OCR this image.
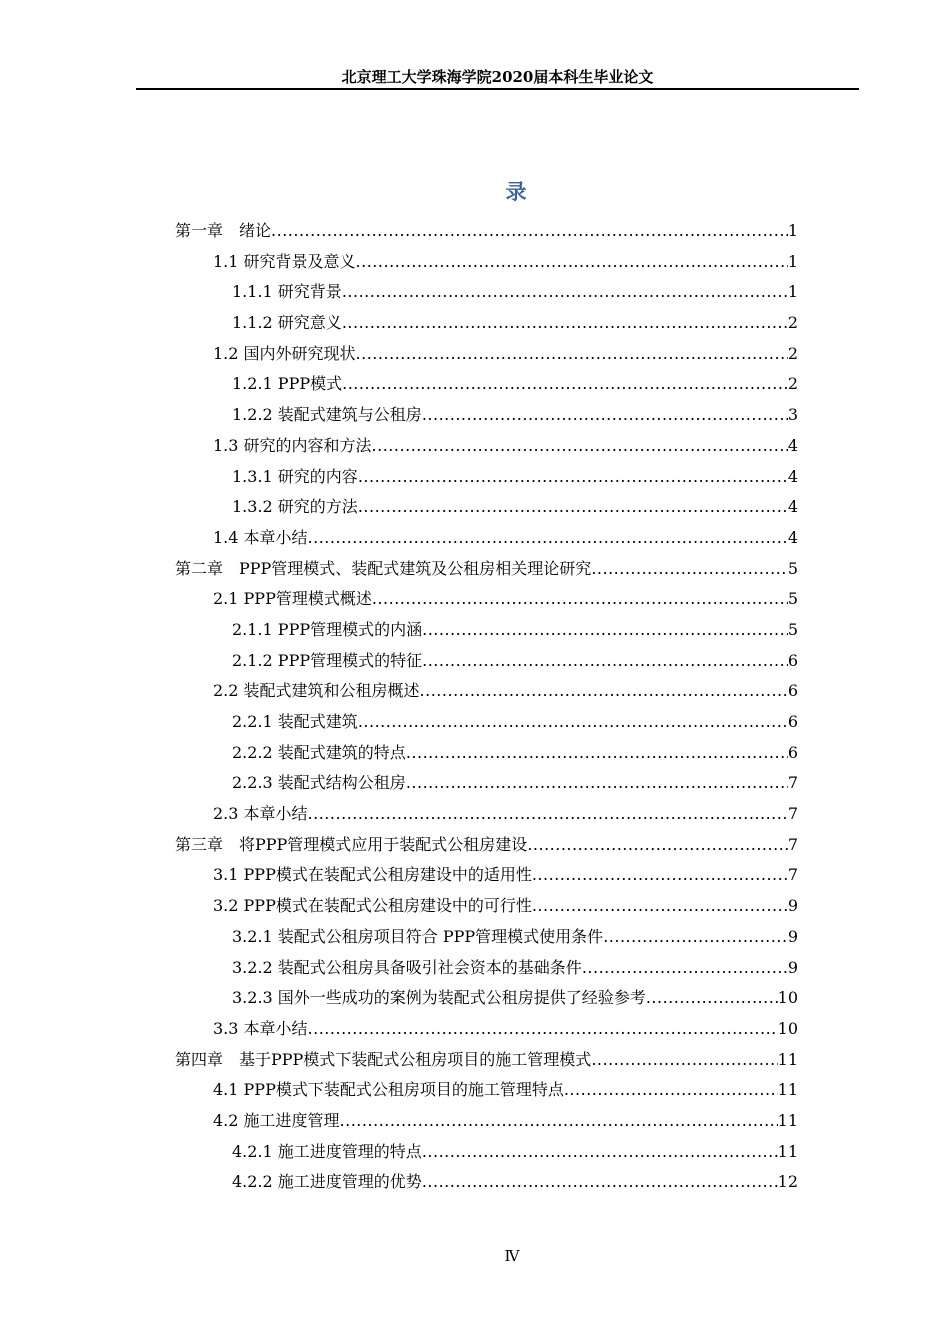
北京理工大学珠海学院2020届本科生毕业论文
录
第一章　绪论 .....	1
1.1 研究背景及意义 .....	1
1.1.1 研究背景 .....	1
1.1.2 研究意义 .....	2
1.2 国内外研究现状 .....	2
1.2.1 PPP模式 .....	2
1.2.2 装配式建筑与公租房 .....	3
1.3 研究的内容和方法 .....	4
1.3.1 研究的内容 .....	4
1.3.2 研究的方法 .....	4
1.4 本章小结 .....	4
第二章　PPP管理模式、装配式建筑及公租房相关理论研究 .....	5
2.1 PPP管理模式概述 .....	5
2.1.1 PPP管理模式的内涵 .....	5
2.1.2 PPP管理模式的特征 .....	6
2.2 装配式建筑和公租房概述 .....	6
2.2.1 装配式建筑 .....	6
2.2.2 装配式建筑的特点 .....	6
2.2.3 装配式结构公租房 .....	7
2.3 本章小结 .....	7
第三章　将PPP管理模式应用于装配式公租房建设 .....	7
3.1 PPP模式在装配式公租房建设中的适用性 .....	7
3.2 PPP模式在装配式公租房建设中的可行性 .....	9
3.2.1 装配式公租房项目符合 PPP管理模式使用条件 .....	9
3.2.2 装配式公租房具备吸引社会资本的基础条件 .....	9
3.2.3 国外一些成功的案例为装配式公租房提供了经验参考 .....	10
3.3 本章小结 .....	10
第四章　基于PPP模式下装配式公租房项目的施工管理模式 .....	11
4.1 PPP模式下装配式公租房项目的施工管理特点 .....	11
4.2 施工进度管理 .....	11
4.2.1 施工进度管理的特点 .....	11
4.2.2 施工进度管理的优势 .....	12
Ⅳ
